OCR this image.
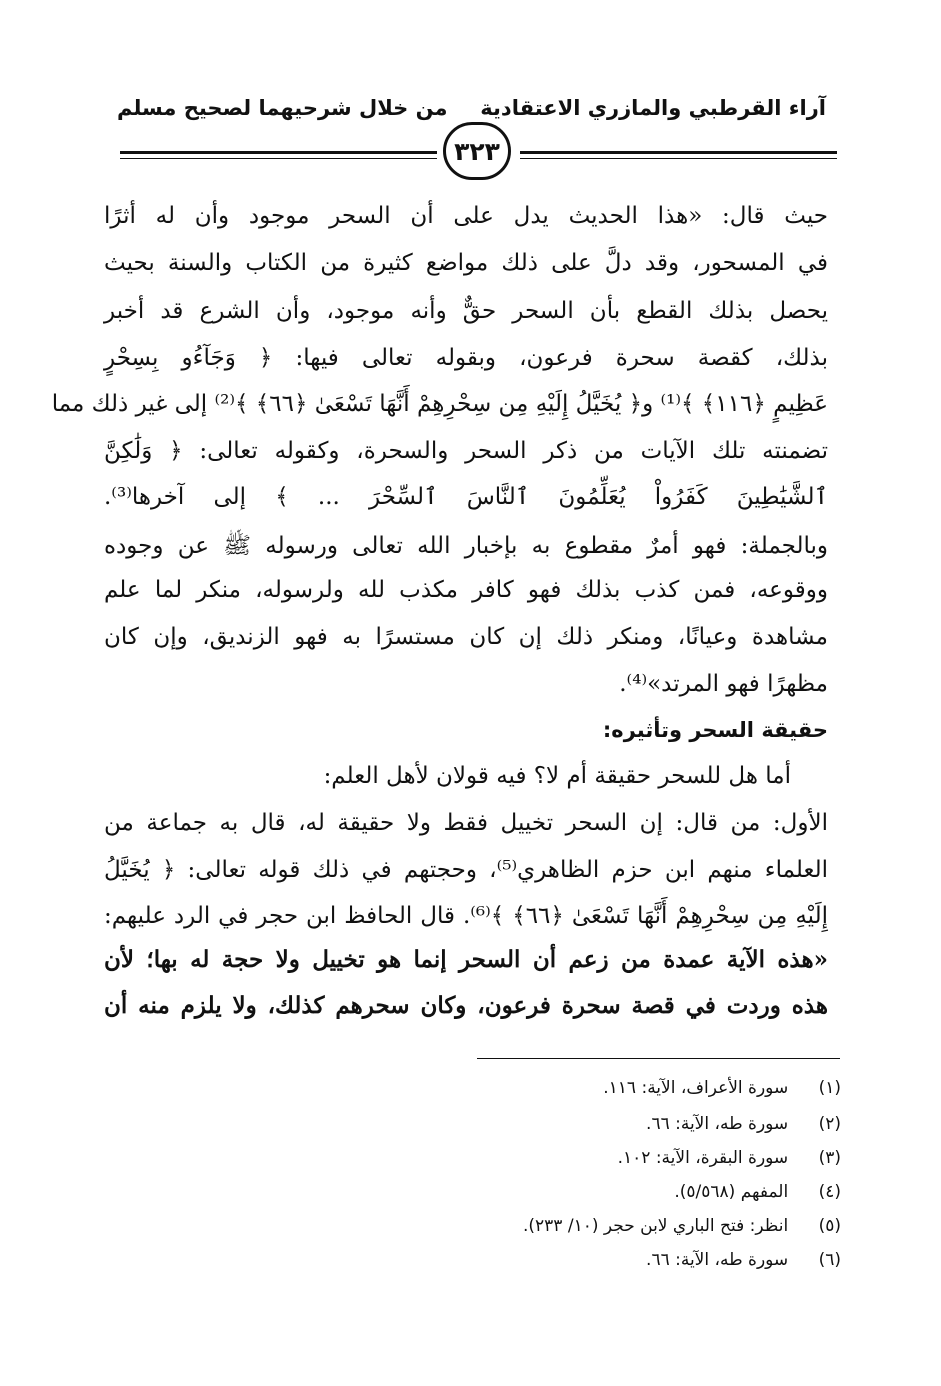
آراء القرطبي والمازري الاعتقادية
من خلال شرحيهما لصحيح مسلم
٣٢٣
حيث قال: «هذا الحديث يدل على أن السحر موجود وأن له أثرًا
في المسحور، وقد دلَّ على ذلك مواضع كثيرة من الكتاب والسنة بحيث
يحصل بذلك القطع بأن السحر حقٌّ وأنه موجود، وأن الشرع قد أخبر
بذلك، كقصة سحرة فرعون، وبقوله تعالى فيها: ﴿ وَجَآءُو بِسِحْرٍ
عَظِيمٍ ﴿١١٦﴾ ﴾⁽¹⁾ و﴿ يُخَيَّلُ إِلَيْهِ مِن سِحْرِهِمْ أَنَّهَا تَسْعَىٰ ﴿٦٦﴾ ﴾⁽²⁾ إلى غير ذلك مما
تضمنته تلك الآيات من ذكر السحر والسحرة، وكقوله تعالى: ﴿ وَلَٰكِنَّ
ٱلشَّيَٰطِينَ كَفَرُواْ يُعَلِّمُونَ ٱلنَّاسَ ٱلسِّحْرَ ... ﴾ إلى آخرها⁽³⁾.
وبالجملة: فهو أمرٌ مقطوع به بإخبار الله تعالى ورسوله ﷺ عن وجوده
ووقوعه، فمن كذب بذلك فهو كافر مكذب لله ولرسوله، منكر لما علم
مشاهدة وعيانًا، ومنكر ذلك إن كان مستسرًا به فهو الزنديق، وإن كان
مظهرًا فهو المرتد»⁽⁴⁾.
حقيقة السحر وتأثيره:
أما هل للسحر حقيقة أم لا؟ فيه قولان لأهل العلم:
الأول: من قال: إن السحر تخييل فقط ولا حقيقة له، قال به جماعة من
العلماء منهم ابن حزم الظاهري⁽⁵⁾، وحجتهم في ذلك قوله تعالى: ﴿ يُخَيَّلُ
إِلَيْهِ مِن سِحْرِهِمْ أَنَّهَا تَسْعَىٰ ﴿٦٦﴾ ﴾⁽⁶⁾. قال الحافظ ابن حجر في الرد عليهم:
«هذه الآية عمدة من زعم أن السحر إنما هو تخييل ولا حجة له بها؛ لأن
هذه وردت في قصة سحرة فرعون، وكان سحرهم كذلك، ولا يلزم منه أن
(١)  سورة الأعراف، الآية: ١١٦.
(٢)  سورة طه، الآية: ٦٦.
(٣)  سورة البقرة، الآية: ١٠٢.
(٤)  المفهم (٥/٥٦٨).
(٥)  انظر: فتح الباري لابن حجر (١٠/ ٢٣٣).
(٦)  سورة طه، الآية: ٦٦.
